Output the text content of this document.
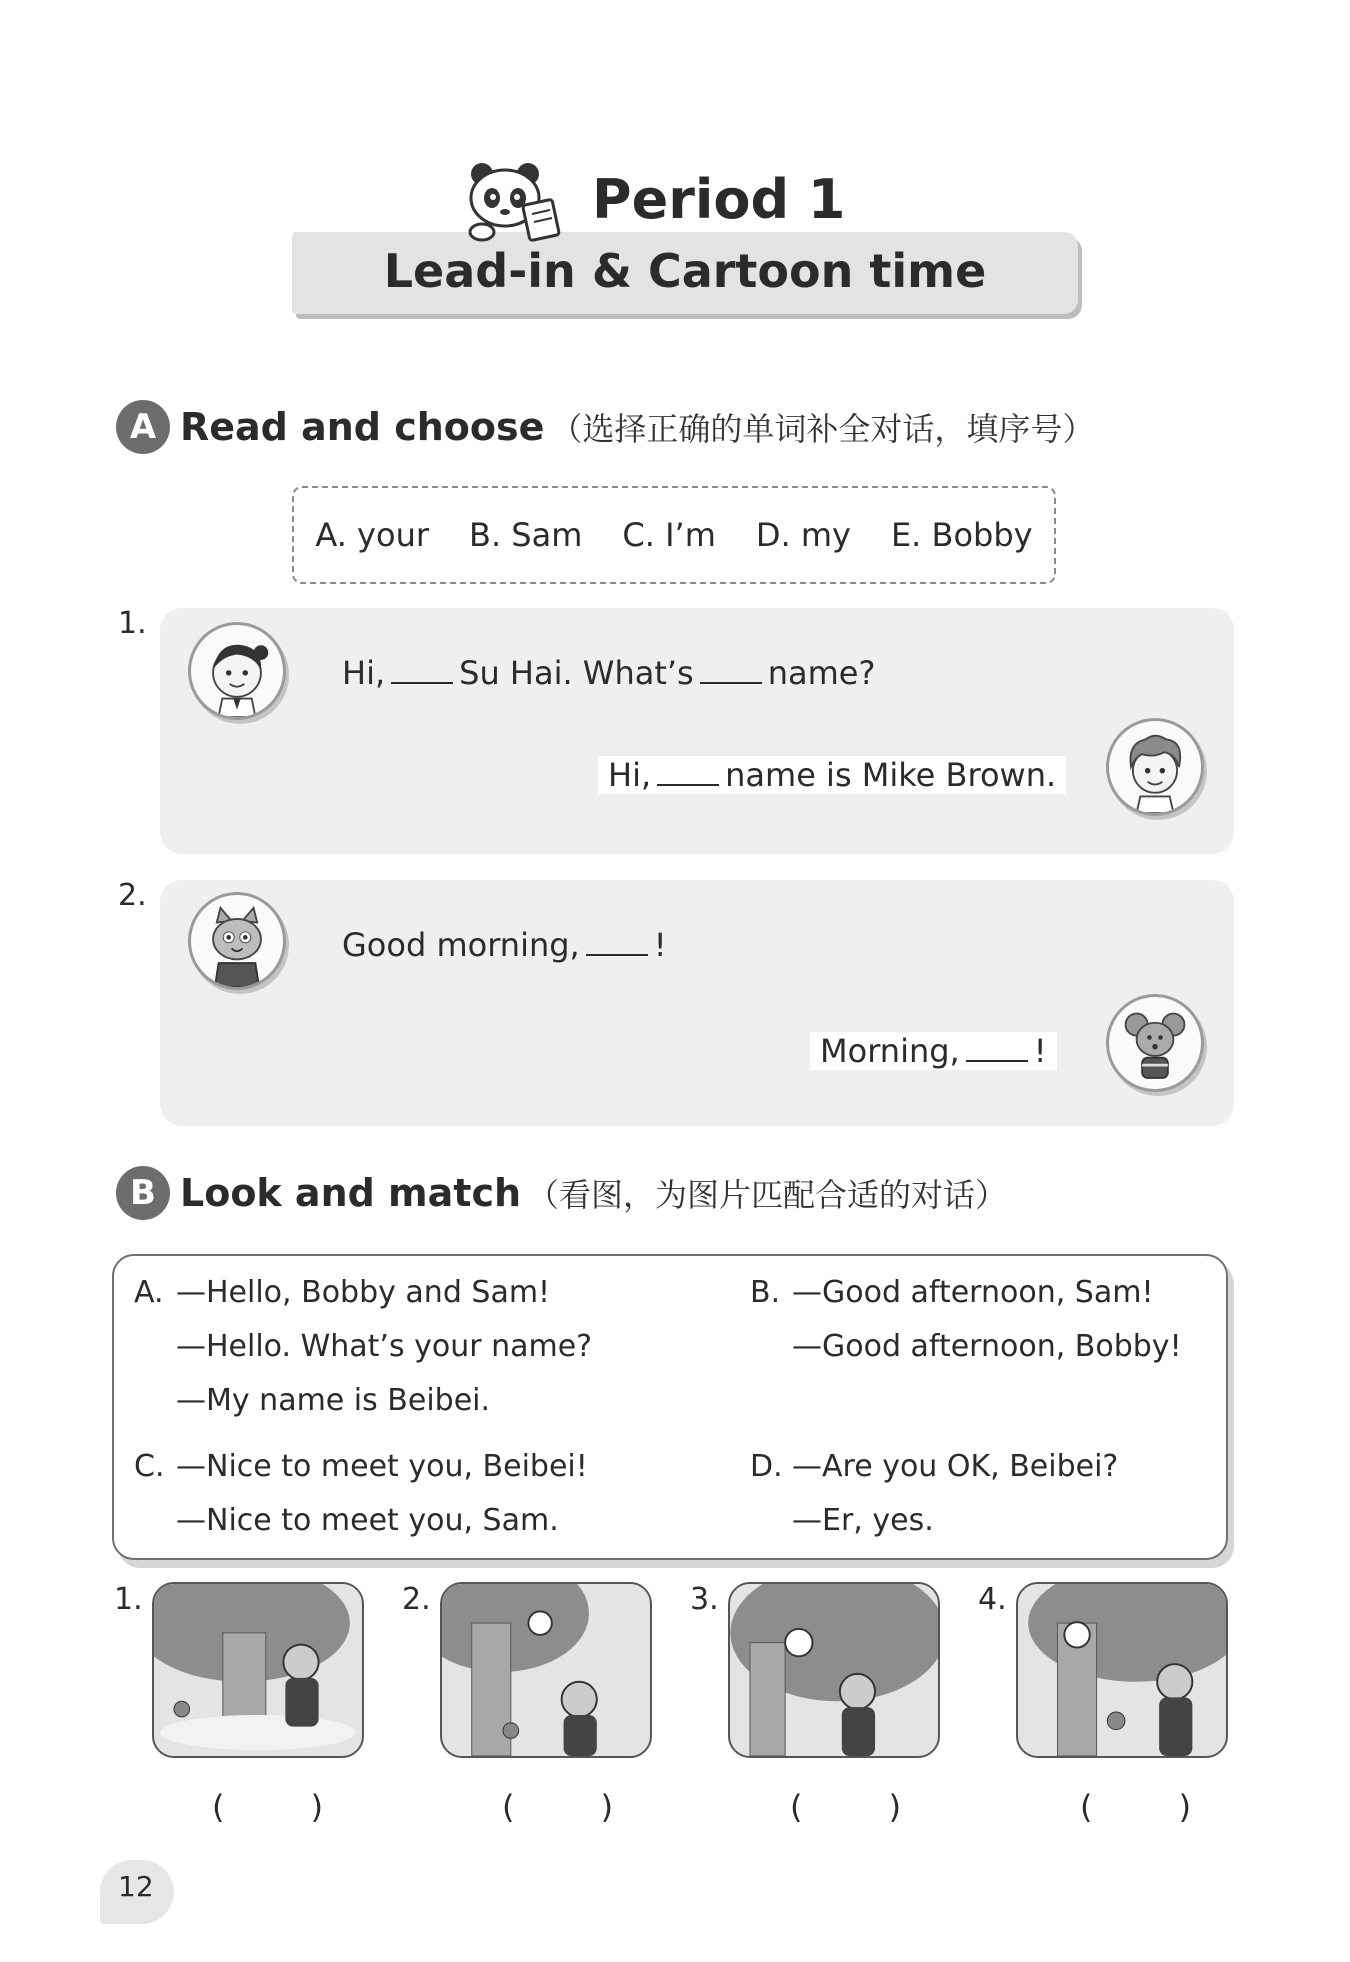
Period 1
Lead-in & Cartoon time
A Read and choose （选择正确的单词补全对话，填序号）
A. your B. Sam C. I’m D. my E. Bobby
1.
Hi, Su Hai. What’s name?
Hi, name is Mike Brown.
2.
Good morning, !
Morning, !
B Look and match （看图，为图片匹配合适的对话）
A. —Hello, Bobby and Sam!
—Hello. What’s your name?
—My name is Beibei.
B. —Good afternoon, Sam!
—Good afternoon, Bobby!
C. —Nice to meet you, Beibei!
—Nice to meet you, Sam.
D. —Are you OK, Beibei?
—Er, yes.
1.
( )
2.
( )
3.
( )
4.
( )
12
